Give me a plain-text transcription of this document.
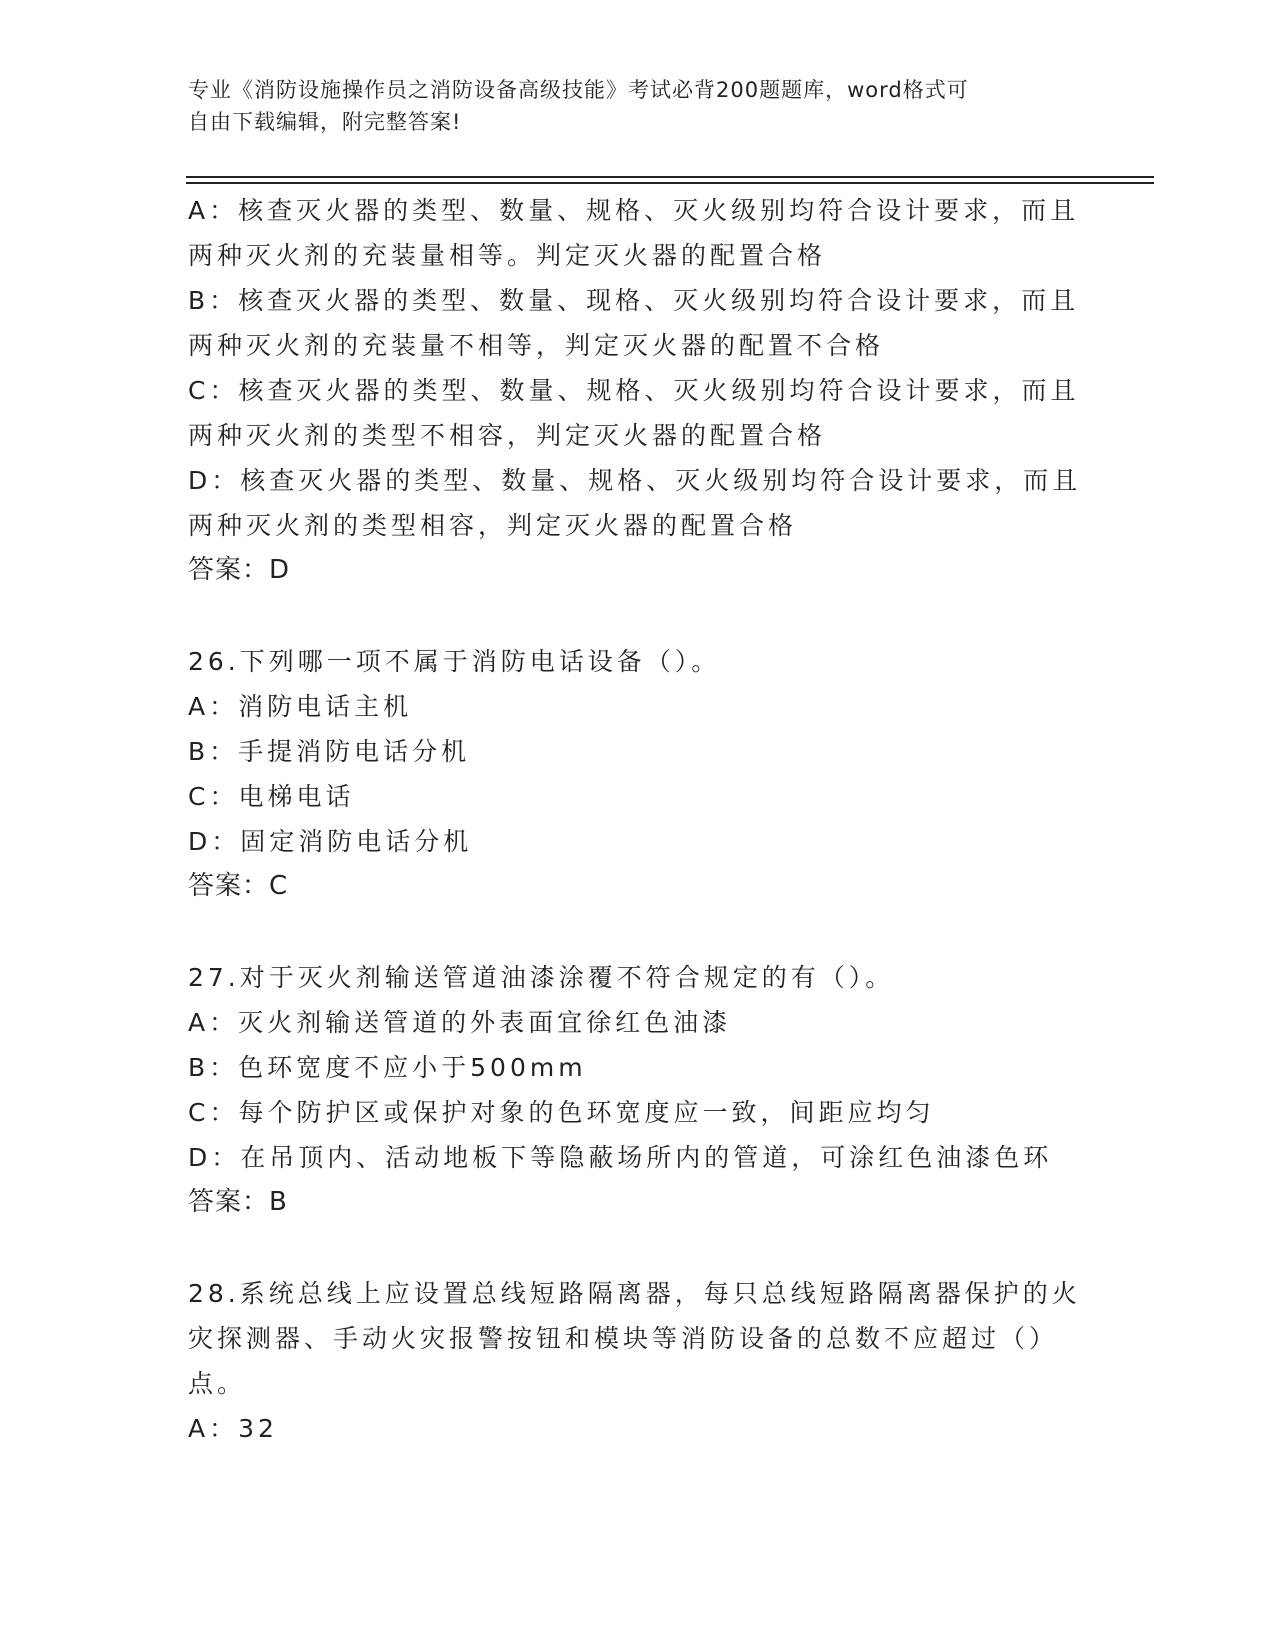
专业《消防设施操作员之消防设备高级技能》考试必背200题题库，word格式可
自由下载编辑，附完整答案!
A：核查灭火器的类型、数量、规格、灭火级别均符合设计要求，而且
两种灭火剂的充装量相等。判定灭火器的配置合格
B：核查灭火器的类型、数量、现格、灭火级别均符合设计要求，而且
两种灭火剂的充装量不相等，判定灭火器的配置不合格
C：核查灭火器的类型、数量、规格、灭火级别均符合设计要求，而且
两种灭火剂的类型不相容，判定灭火器的配置合格
D：核查灭火器的类型、数量、规格、灭火级别均符合设计要求，而且
两种灭火剂的类型相容，判定灭火器的配置合格
答案：D
26.下列哪一项不属于消防电话设备（）。
A：消防电话主机
B：手提消防电话分机
C：电梯电话
D：固定消防电话分机
答案：C
27.对于灭火剂输送管道油漆涂覆不符合规定的有（）。
A：灭火剂输送管道的外表面宜徐红色油漆
B：色环宽度不应小于500mm
C：每个防护区或保护对象的色环宽度应一致，间距应均匀
D：在吊顶内、活动地板下等隐蔽场所内的管道，可涂红色油漆色环
答案：B
28.系统总线上应设置总线短路隔离器，每只总线短路隔离器保护的火
灾探测器、手动火灾报警按钮和模块等消防设备的总数不应超过（）
点。
A：32
